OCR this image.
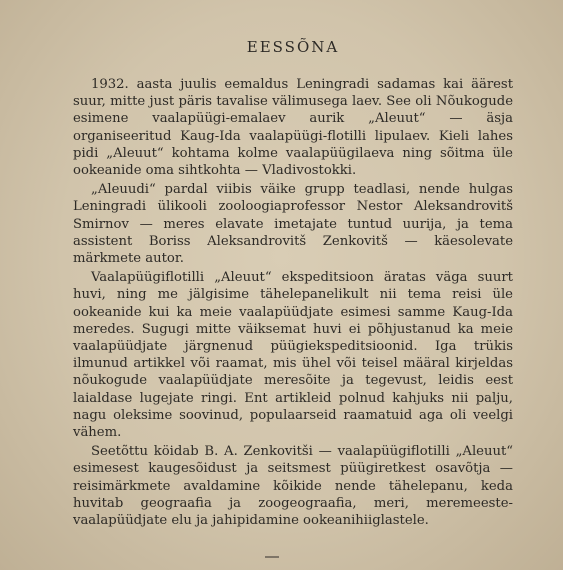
EESSÕNA

1932. aasta juulis eemaldus Leningradi sadamas kai äärest suur, mitte just päris tavalise välimusega laev. See oli Nõukogude esimene vaalapüügi-emalaev aurik „Aleuut“ — äsja organiseeritud Kaug-Ida vaalapüügi-flotilli lipulaev. Kieli lahes pidi „Aleuut“ kohtama kolme vaalapüügilaeva ning sõitma üle ookeanide oma sihtkohta — Vladivostokki.

„Aleuudi“ pardal viibis väike grupp teadlasi, nende hulgas Leningradi ülikooli zooloogiaprofessor Nestor Aleksandrovitš Smirnov — meres elavate imetajate tuntud uurija, ja tema assistent Boriss Aleksandrovitš Zenkovitš — käesolevate märkmete autor.

Vaalapüügiflotilli „Aleuut“ ekspeditsioon äratas väga suurt huvi, ning me jälgisime tähelepanelikult nii tema reisi üle ookeanide kui ka meie vaalapüüdjate esimesi samme Kaug-Ida meredes. Sugugi mitte väiksemat huvi ei põhjustanud ka meie vaalapüüdjate järgnenud püügiekspeditsioonid. Iga trükis ilmunud artikkel või raamat, mis ühel või teisel määral kirjeldas nõukogude vaalapüüdjate meresõite ja tegevust, leidis eest laialdase lugejate ringi. Ent artikleid polnud kahjuks nii palju, nagu oleksime soovinud, populaarseid raamatuid aga oli veelgi vähem.

Seetõttu köidab B. A. Zenkovitši — vaalapüügiflotilli „Aleuut“ esimesest kaugesõidust ja seitsmest püügiretkest osavõtja — reisimärkmete avaldamine kõikide nende tähelepanu, keda huvitab geograafia ja zoogeograafia, meri, meremeeste-vaalapüüdjate elu ja jahipidamine ookeanihiiglastele.
